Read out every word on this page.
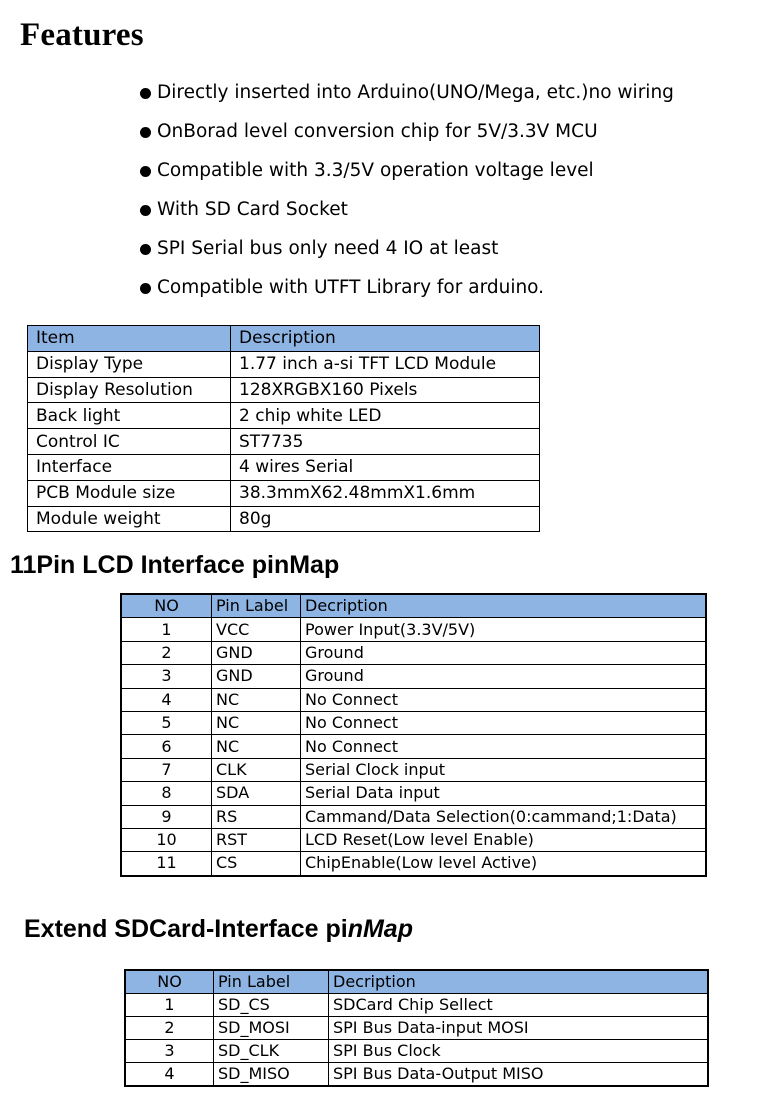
Features
Directly inserted into Arduino(UNO/Mega, etc.)no wiring
OnBorad level conversion chip for 5V/3.3V MCU
Compatible with 3.3/5V operation voltage level
With SD Card Socket
SPI Serial bus only need 4 IO at least
Compatible with UTFT Library for arduino.
Item	Description
Display Type	1.77 inch a-si TFT LCD Module
Display Resolution	128XRGBX160 Pixels
Back light	2 chip white LED
Control IC	ST7735
Interface	4 wires Serial
PCB Module size	38.3mmX62.48mmX1.6mm
Module weight	80g
11Pin LCD Interface pinMap
NO	Pin Label	Decription
1	VCC	Power Input(3.3V/5V)
2	GND	Ground
3	GND	Ground
4	NC	No Connect
5	NC	No Connect
6	NC	No Connect
7	CLK	Serial Clock input
8	SDA	Serial Data input
9	RS	Cammand/Data Selection(0:cammand;1:Data)
10	RST	LCD Reset(Low level Enable)
11	CS	ChipEnable(Low level Active)
Extend SDCard-Interface pinMap
NO	Pin Label	Decription
1	SD_CS	SDCard Chip Sellect
2	SD_MOSI	SPI Bus Data-input MOSI
3	SD_CLK	SPI Bus Clock
4	SD_MISO	SPI Bus Data-Output MISO
